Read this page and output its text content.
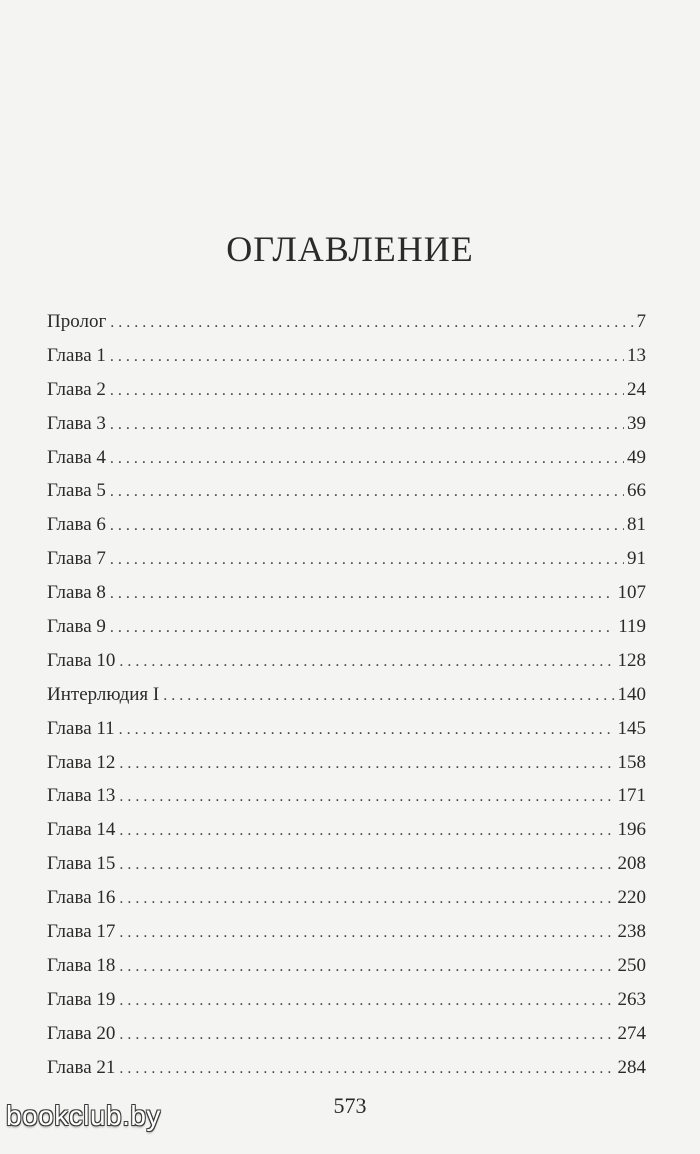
ОГЛАВЛЕНИЕ
Пролог . . .	7
Глава 1 . . .	13
Глава 2 . . .	24
Глава 3 . . .	39
Глава 4 . . .	49
Глава 5 . . .	66
Глава 6 . . .	81
Глава 7 . . .	91
Глава 8 . . .	107
Глава 9 . . .	119
Глава 10 . . .	128
Интерлюдия I . . .	140
Глава 11 . . .	145
Глава 12 . . .	158
Глава 13 . . .	171
Глава 14 . . .	196
Глава 15 . . .	208
Глава 16 . . .	220
Глава 17 . . .	238
Глава 18 . . .	250
Глава 19 . . .	263
Глава 20 . . .	274
Глава 21 . . .	284
573
bookclub.by
